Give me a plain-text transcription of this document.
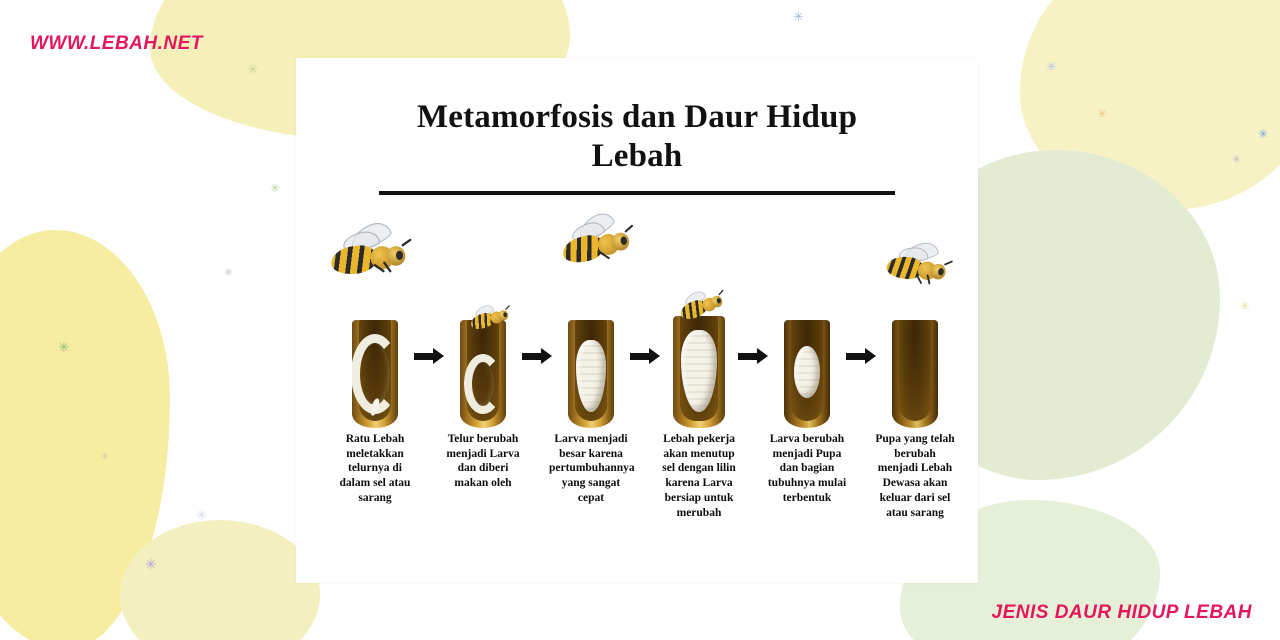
✳
✳
✳
✳
✳
✳
✳
✳
✳
✳
✳
✳
✳
WWW.LEBAH.NET
JENIS DAUR HIDUP LEBAH
Metamorfosis dan Daur Hidup
Lebah
Ratu Lebah meletakkan telurnya di dalam sel atau sarang
Telur berubah menjadi Larva dan diberi makan oleh
Larva menjadi besar karena pertumbuhannya yang sangat cepat
Lebah pekerja akan menutup sel dengan lilin karena Larva bersiap untuk merubah
Larva berubah menjadi Pupa dan bagian tubuhnya mulai terbentuk
Pupa yang telah berubah menjadi Lebah Dewasa akan keluar dari sel atau sarang
